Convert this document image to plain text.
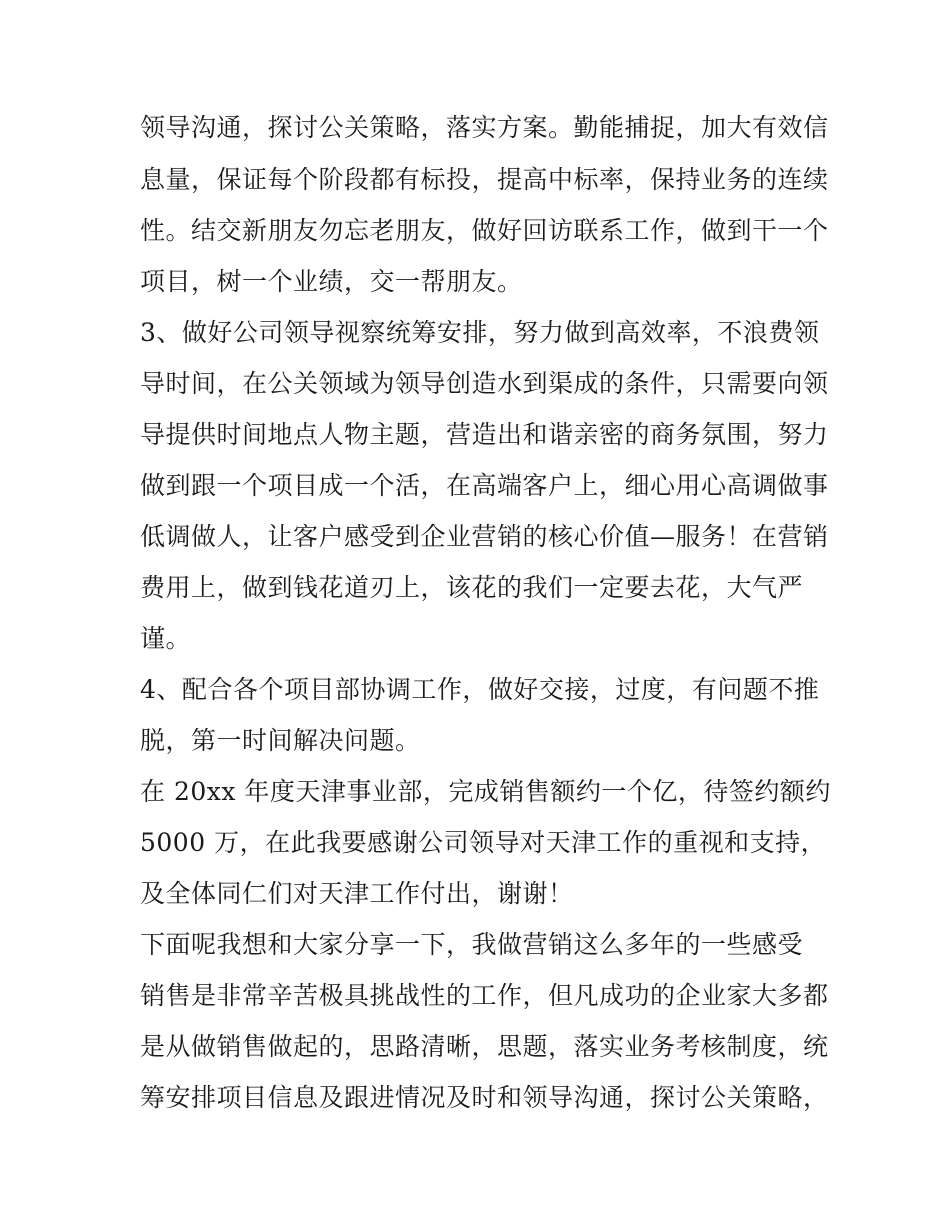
领导沟通，探讨公关策略，落实方案。勤能捕捉，加大有效信
息量，保证每个阶段都有标投，提高中标率，保持业务的连续
性。结交新朋友勿忘老朋友，做好回访联系工作，做到干一个
项目，树一个业绩，交一帮朋友。
3、做好公司领导视察统筹安排，努力做到高效率，不浪费领
导时间，在公关领域为领导创造水到渠成的条件，只需要向领
导提供时间地点人物主题，营造出和谐亲密的商务氛围，努力
做到跟一个项目成一个活，在高端客户上，细心用心高调做事
低调做人，让客户感受到企业营销的核心价值—服务！在营销
费用上，做到钱花道刃上，该花的我们一定要去花，大气严
谨。
4、配合各个项目部协调工作，做好交接，过度，有问题不推
脱，第一时间解决问题。
在 20xx 年度天津事业部，完成销售额约一个亿，待签约额约
5000 万，在此我要感谢公司领导对天津工作的重视和支持，
及全体同仁们对天津工作付出，谢谢！
下面呢我想和大家分享一下，我做营销这么多年的一些感受
销售是非常辛苦极具挑战性的工作，但凡成功的企业家大多都
是从做销售做起的，思路清晰，思题，落实业务考核制度，统
筹安排项目信息及跟进情况及时和领导沟通，探讨公关策略，
